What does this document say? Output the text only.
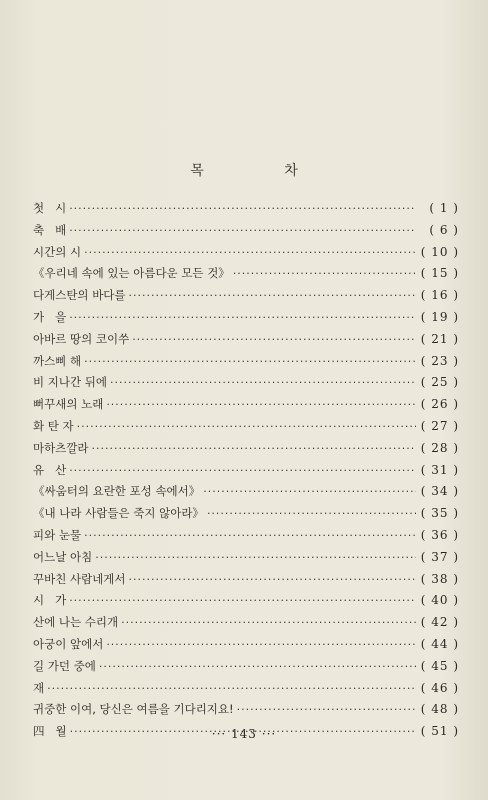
목 차
첫   시 ·····	( 1 )
축   배 ·····	( 6 )
시간의 시 ·····	( 10 )
《우리네 속에 있는 아름다운 모든 것》 ·····	( 15 )
다게스탄의 바다를 ·····	( 16 )
가   을 ·····	( 19 )
아바르 땅의 코이쑤 ·····	( 21 )
까스삐 해 ·····	( 23 )
비 지나간 뒤에 ·····	( 25 )
뻐꾸새의 노래 ·····	( 26 )
화 탄 자 ·····	( 27 )
마하츠깔라 ·····	( 28 )
유   산 ·····	( 31 )
《싸움터의 요란한 포성 속에서》 ·····	( 34 )
《내 나라 사람들은 죽지 않아라》 ·····	( 35 )
피와 눈물 ·····	( 36 )
어느날 아침 ·····	( 37 )
꾸바친 사람네게서 ·····	( 38 )
시   가 ·····	( 40 )
산에 나는 수리개 ·····	( 42 )
아궁이 앞에서 ·····	( 44 )
길 가던 중에 ·····	( 45 )
재 ·····	( 46 )
귀중한 이여, 당신은 여름을 기다리지요! ·····	( 48 )
四   월 ·····	( 51 )
··· 143 ···
